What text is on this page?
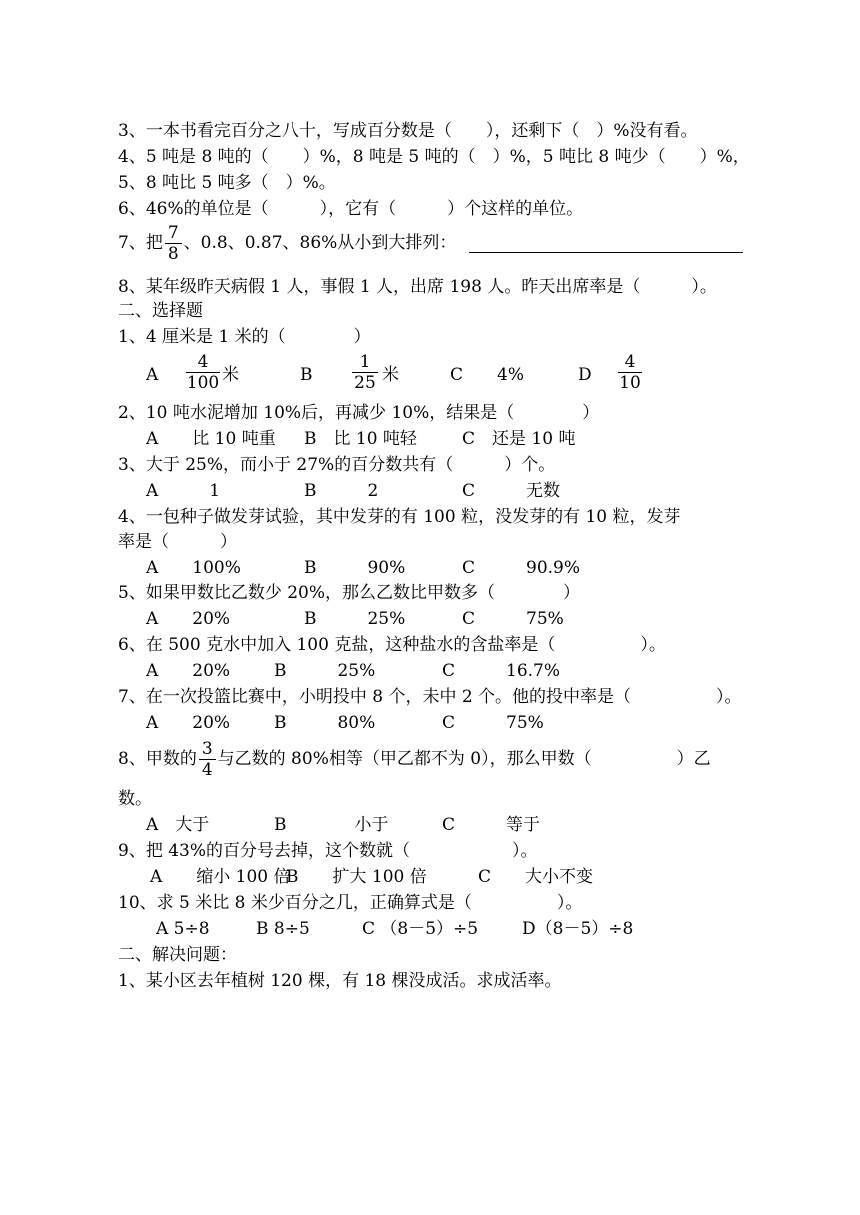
3、一本书看完百分之八十，写成百分数是（　　），还剩下（　）%没有看。
4、5 吨是 8 吨的（　　）%，8 吨是 5 吨的（　）%，5 吨比 8 吨少（　　）%，
5、8 吨比 5 吨多（　）%。
6、46%的单位是（　　　），它有（　　　）个这样的单位。
7、把 $\frac{7}{8}$ 、0.8、0.87、86%从小到大排列：
8、某年级昨天病假 1 人，事假 1 人，出席 198 人。昨天出席率是（　　　）。
二、选择题
1、4 厘米是 1 米的（　　　　）
A $\frac{4}{100}$ 米	B $\frac{1}{25}$ 米	C　　4%	D $\frac{4}{10}$
2、10 吨水泥增加 10%后，再减少 10%，结果是（　　　　）
A　　比 10 吨重 B　比 10 吨轻	C　还是 10 吨
3、大于 25%，而小于 27%的百分数共有（　　　）个。
A　　　1	B　　　2	C　　　无数
4、一包种子做发芽试验，其中发芽的有 100 粒，没发芽的有 10 粒，发芽
率是（　　　）
A　　100%	B　　　90%	C　　　90.9%
5、如果甲数比乙数少 20%，那么乙数比甲数多（　　　　）
A　　20%	B　　　25%	C　　　75%
6、在 500 克水中加入 100 克盐，这种盐水的含盐率是（　　　　　）。
A　　20%	B　　　25%	C　　　16.7%
7、在一次投篮比赛中，小明投中 8 个，未中 2 个。他的投中率是（　　　　　）。
A　　20%	B　　　80%	C　　　75%
8、甲数的 $\frac{3}{4}$ 与乙数的 80%相等（甲乙都不为 0），那么甲数（　　　　　）乙
数。
A　大于	B　　　　小于	C　　　等于
9、把 43%的百分号去掉，这个数就（　　　　　　）。
A　　缩小 100 倍
B　　扩大 100 倍	C　　大小不变
10、求 5 米比 8 米少百分之几，正确算式是（　　　　　）。
A 5÷8	B 8÷5	C （8－5）÷5	D（8－5）÷8
二、解决问题：
1、某小区去年植树 120 棵，有 18 棵没成活。求成活率。
